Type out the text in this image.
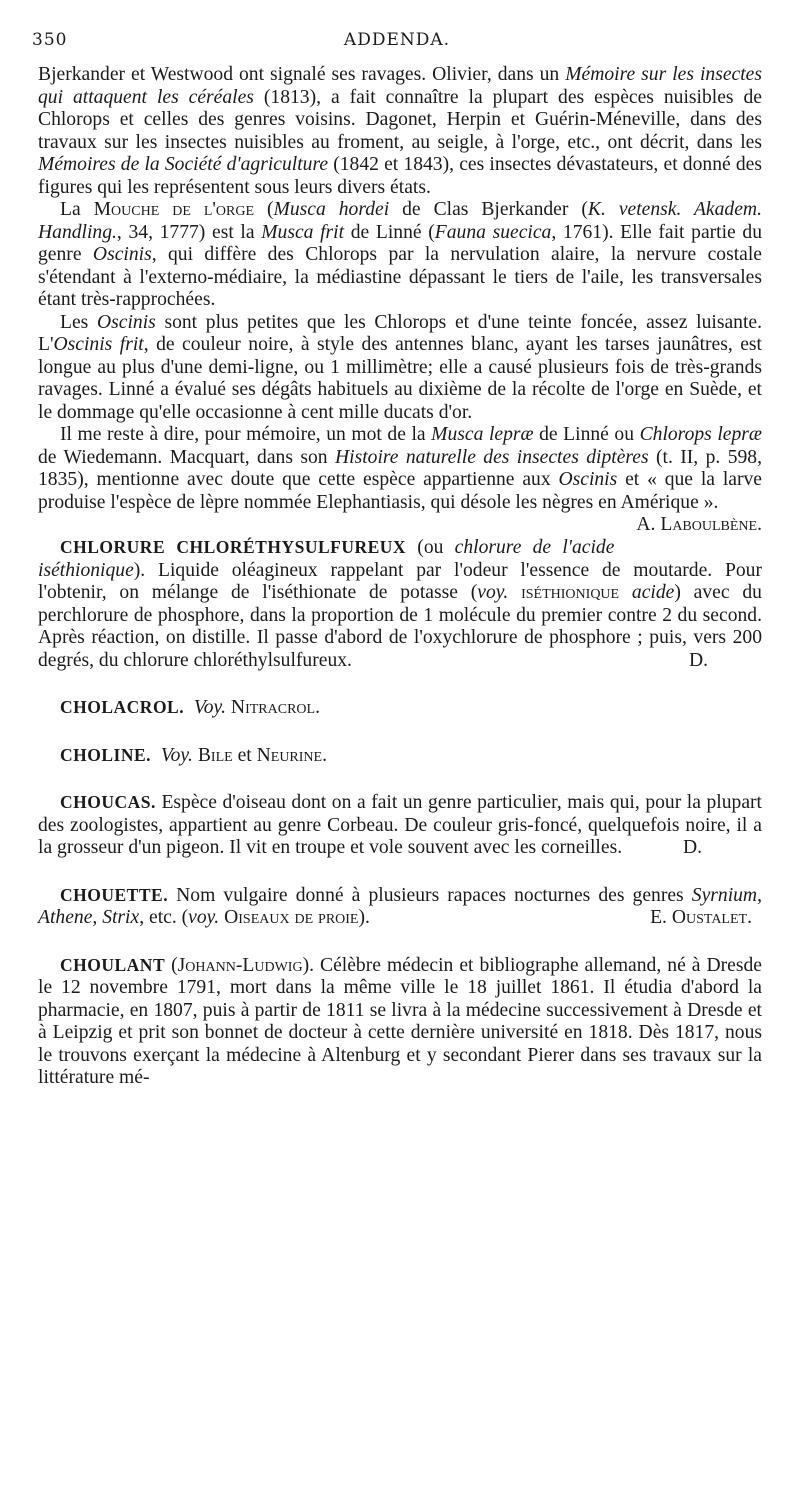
350	ADDENDA.

Bjerkander et Westwood ont signalé ses ravages. Olivier, dans un Mémoire sur les insectes qui attaquent les céréales (1813), a fait connaître la plupart des espèces nuisibles de Chlorops et celles des genres voisins. Dagonet, Herpin et Guérin-Méneville, dans des travaux sur les insectes nuisibles au froment, au seigle, à l'orge, etc., ont décrit, dans les Mémoires de la Société d'agriculture (1842 et 1843), ces insectes dévastateurs, et donné des figures qui les représentent sous leurs divers états.

La Mouche de l'orge (Musca hordei de Clas Bjerkander (K. vetensk. Akadem. Handling., 34, 1777) est la Musca frit de Linné (Fauna suecica, 1761). Elle fait partie du genre Oscinis, qui diffère des Chlorops par la nervulation alaire, la nervure costale s'étendant à l'externo-médiaire, la médiastine dépassant le tiers de l'aile, les transversales étant très-rapprochées.

Les Oscinis sont plus petites que les Chlorops et d'une teinte foncée, assez luisante. L'Oscinis frit, de couleur noire, à style des antennes blanc, ayant les tarses jaunâtres, est longue au plus d'une demi-ligne, ou 1 millimètre; elle a causé plusieurs fois de très-grands ravages. Linné a évalué ses dégâts habituels au dixième de la récolte de l'orge en Suède, et le dommage qu'elle occasionne à cent mille ducats d'or.

Il me reste à dire, pour mémoire, un mot de la Musca lepræ de Linné ou Chlorops lepræ de Wiedemann. Macquart, dans son Histoire naturelle des insectes diptères (t. II, p. 598, 1835), mentionne avec doute que cette espèce appartienne aux Oscinis et « que la larve produise l'espèce de lèpre nommée Elephantiasis, qui désole les nègres en Amérique ».
A. Laboulbène.

CHLORURE CHLORÉTHYSULFUREUX (ou chlorure de l'acide iséthionique). Liquide oléagineux rappelant par l'odeur l'essence de moutarde. Pour l'obtenir, on mélange de l'iséthionate de potasse (voy. iséthionique acide) avec du perchlorure de phosphore, dans la proportion de 1 molécule du premier contre 2 du second. Après réaction, on distille. Il passe d'abord de l'oxychlorure de phosphore ; puis, vers 200 degrés, du chlorure chloréthylsulfureux.	D.

CHOLACROL. Voy. Nitracrol.

CHOLINE. Voy. Bile et Neurine.

CHOUCAS. Espèce d'oiseau dont on a fait un genre particulier, mais qui, pour la plupart des zoologistes, appartient au genre Corbeau. De couleur gris-foncé, quelquefois noire, il a la grosseur d'un pigeon. Il vit en troupe et vole souvent avec les corneilles.	D.

CHOUETTE. Nom vulgaire donné à plusieurs rapaces nocturnes des genres Syrnium, Athene, Strix, etc. (voy. Oiseaux de proie).	E. Oustalet.

CHOULANT (Johann-Ludwig). Célèbre médecin et bibliographe allemand, né à Dresde le 12 novembre 1791, mort dans la même ville le 18 juillet 1861. Il étudia d'abord la pharmacie, en 1807, puis à partir de 1811 se livra à la médecine successivement à Dresde et à Leipzig et prit son bonnet de docteur à cette dernière université en 1818. Dès 1817, nous le trouvons exerçant la médecine à Altenburg et y secondant Pierer dans ses travaux sur la littérature mé-
